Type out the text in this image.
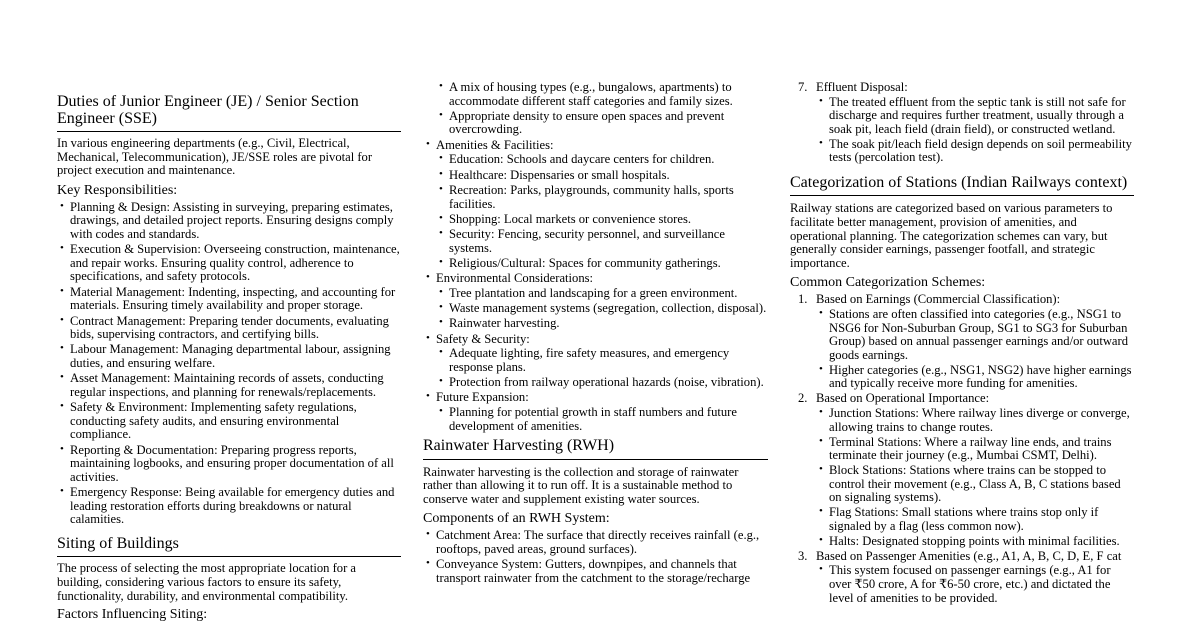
Duties of Junior Engineer (JE) / Senior Section Engineer (SSE)

In various engineering departments (e.g., Civil, Electrical, Mechanical, Telecommunication), JE/SSE roles are pivotal for project execution and maintenance.

Key Responsibilities:
• Planning & Design: Assisting in surveying, preparing estimates, drawings, and detailed project reports. Ensuring designs comply with codes and standards.
• Execution & Supervision: Overseeing construction, maintenance, and repair works. Ensuring quality control, adherence to specifications, and safety protocols.
• Material Management: Indenting, inspecting, and accounting for materials. Ensuring timely availability and proper storage.
• Contract Management: Preparing tender documents, evaluating bids, supervising contractors, and certifying bills.
• Labour Management: Managing departmental labour, assigning duties, and ensuring welfare.
• Asset Management: Maintaining records of assets, conducting regular inspections, and planning for renewals/replacements.
• Safety & Environment: Implementing safety regulations, conducting safety audits, and ensuring environmental compliance.
• Reporting & Documentation: Preparing progress reports, maintaining logbooks, and ensuring proper documentation of all activities.
• Emergency Response: Being available for emergency duties and leading restoration efforts during breakdowns or natural calamities.
Siting of Buildings

The process of selecting the most appropriate location for a building, considering various factors to ensure its safety, functionality, durability, and environmental compatibility.

Factors Influencing Siting:
• A mix of housing types (e.g., bungalows, apartments) to accommodate different staff categories and family sizes.
• Appropriate density to ensure open spaces and prevent overcrowding.
• Amenities & Facilities:
• Education: Schools and daycare centers for children.
• Healthcare: Dispensaries or small hospitals.
• Recreation: Parks, playgrounds, community halls, sports facilities.
• Shopping: Local markets or convenience stores.
• Security: Fencing, security personnel, and surveillance systems.
• Religious/Cultural: Spaces for community gatherings.
• Environmental Considerations:
• Tree plantation and landscaping for a green environment.
• Waste management systems (segregation, collection, disposal).
• Rainwater harvesting.
• Safety & Security:
• Adequate lighting, fire safety measures, and emergency response plans.
• Protection from railway operational hazards (noise, vibration).
• Future Expansion:
• Planning for potential growth in staff numbers and future development of amenities.
Rainwater Harvesting (RWH)

Rainwater harvesting is the collection and storage of rainwater rather than allowing it to run off. It is a sustainable method to conserve water and supplement existing water sources.

Components of an RWH System:
• Catchment Area: The surface that directly receives rainfall (e.g., rooftops, paved areas, ground surfaces).
• Conveyance System: Gutters, downpipes, and channels that transport rainwater from the catchment to the storage/recharge
7. Effluent Disposal:
• The treated effluent from the septic tank is still not safe for discharge and requires further treatment, usually through a soak pit, leach field (drain field), or constructed wetland.
• The soak pit/leach field design depends on soil permeability tests (percolation test).
Categorization of Stations (Indian Railways context)

Railway stations are categorized based on various parameters to facilitate better management, provision of amenities, and operational planning. The categorization schemes can vary, but generally consider earnings, passenger footfall, and strategic importance.

Common Categorization Schemes:
1. Based on Earnings (Commercial Classification):
• Stations are often classified into categories (e.g., NSG1 to NSG6 for Non-Suburban Group, SG1 to SG3 for Suburban Group) based on annual passenger earnings and/or outward goods earnings.
• Higher categories (e.g., NSG1, NSG2) have higher earnings and typically receive more funding for amenities.
2. Based on Operational Importance:
• Junction Stations: Where railway lines diverge or converge, allowing trains to change routes.
• Terminal Stations: Where a railway line ends, and trains terminate their journey (e.g., Mumbai CSMT, Delhi).
• Block Stations: Stations where trains can be stopped to control their movement (e.g., Class A, B, C stations based on signaling systems).
• Flag Stations: Small stations where trains stop only if signaled by a flag (less common now).
• Halts: Designated stopping points with minimal facilities.
3. Based on Passenger Amenities (e.g., A1, A, B, C, D, E, F cat
• This system focused on passenger earnings (e.g., A1 for over ₹50 crore, A for ₹6-50 crore, etc.) and dictated the level of amenities to be provided.
